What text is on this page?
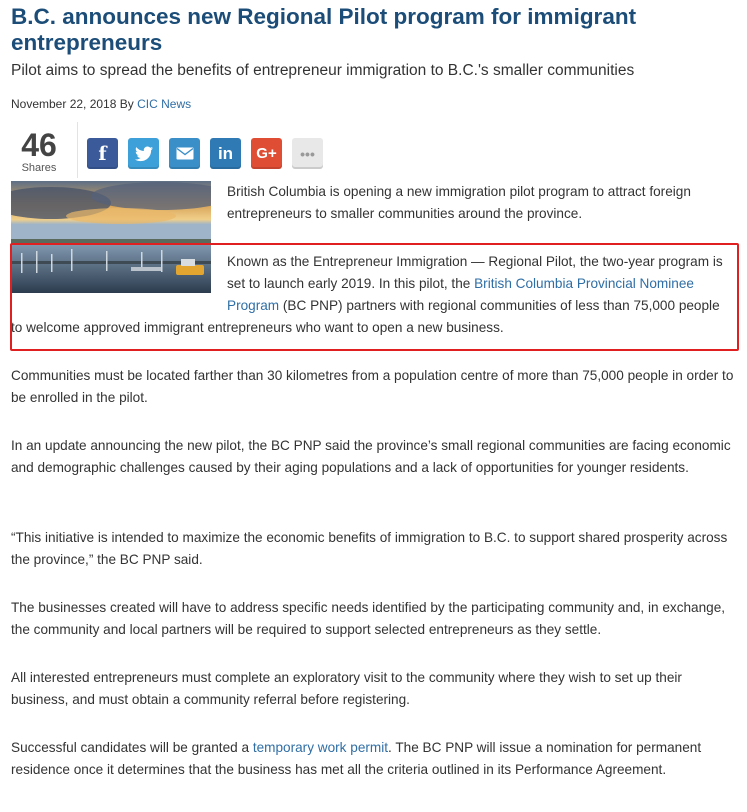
B.C. announces new Regional Pilot program for immigrant entrepreneurs

Pilot aims to spread the benefits of entrepreneur immigration to B.C.'s smaller communities

November 22, 2018 By CIC News
46
Shares
f	in G+ •••

British Columbia is opening a new immigration pilot program to attract foreign entrepreneurs to smaller communities around the province.

Known as the Entrepreneur Immigration — Regional Pilot, the two-year program is set to launch early 2019. In this pilot, the British Columbia Provincial Nominee Program (BC PNP) partners with regional communities of less than 75,000 people

to welcome approved immigrant entrepreneurs who want to open a new business.

Communities must be located farther than 30 kilometres from a population centre of more than 75,000 people in order to be enrolled in the pilot.

In an update announcing the new pilot, the BC PNP said the province’s small regional communities are facing economic and demographic challenges caused by their aging populations and a lack of opportunities for younger residents.

“This initiative is intended to maximize the economic benefits of immigration to B.C. to support shared prosperity across the province,” the BC PNP said.

The businesses created will have to address specific needs identified by the participating community and, in exchange, the community and local partners will be required to support selected entrepreneurs as they settle.

All interested entrepreneurs must complete an exploratory visit to the community where they wish to set up their business, and must obtain a community referral before registering.

Successful candidates will be granted a temporary work permit. The BC PNP will issue a nomination for permanent residence once it determines that the business has met all the criteria outlined in its Performance Agreement.
